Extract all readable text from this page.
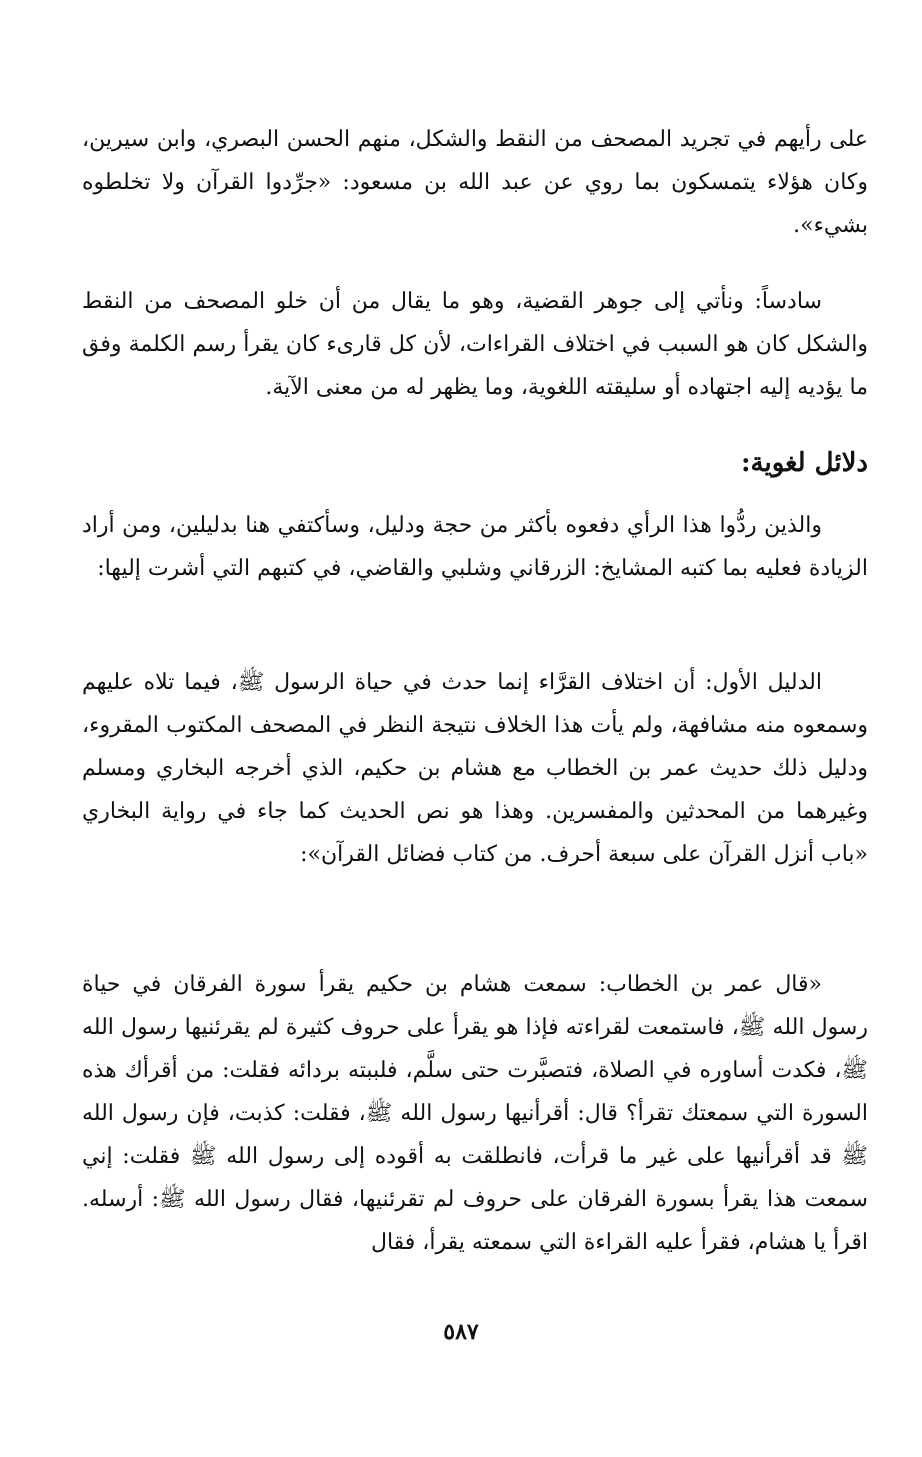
على رأيهم في تجريد المصحف من النقط والشكل، منهم الحسن البصري، وابن سيرين، وكان هؤلاء يتمسكون بما روي عن عبد الله بن مسعود: «جرِّدوا القرآن ولا تخلطوه بشيء».

سادساً: ونأتي إلى جوهر القضية، وهو ما يقال من أن خلو المصحف من النقط والشكل كان هو السبب في اختلاف القراءات، لأن كل قارىء كان يقرأ رسم الكلمة وفق ما يؤديه إليه اجتهاده أو سليقته اللغوية، وما يظهر له من معنى الآية.

دلائل لغوية:

والذين ردُّوا هذا الرأي دفعوه بأكثر من حجة ودليل، وسأكتفي هنا بدليلين، ومن أراد الزيادة فعليه بما كتبه المشايخ: الزرقاني وشلبي والقاضي، في كتبهم التي أشرت إليها:

الدليل الأول: أن اختلاف القرَّاء إنما حدث في حياة الرسول ﷺ، فيما تلاه عليهم وسمعوه منه مشافهة، ولم يأت هذا الخلاف نتيجة النظر في المصحف المكتوب المقروء، ودليل ذلك حديث عمر بن الخطاب مع هشام بن حكيم، الذي أخرجه البخاري ومسلم وغيرهما من المحدثين والمفسرين. وهذا هو نص الحديث كما جاء في رواية البخاري «باب أنزل القرآن على سبعة أحرف. من كتاب فضائل القرآن»:

«قال عمر بن الخطاب: سمعت هشام بن حكيم يقرأ سورة الفرقان في حياة رسول الله ﷺ، فاستمعت لقراءته فإذا هو يقرأ على حروف كثيرة لم يقرئنيها رسول الله ﷺ، فكدت أساوره في الصلاة، فتصبَّرت حتى سلَّم، فلببته بردائه فقلت: من أقرأك هذه السورة التي سمعتك تقرأ؟ قال: أقرأنيها رسول الله ﷺ، فقلت: كذبت، فإن رسول الله ﷺ قد أقرأنيها على غير ما قرأت، فانطلقت به أقوده إلى رسول الله ﷺ فقلت: إني سمعت هذا يقرأ بسورة الفرقان على حروف لم تقرئنيها، فقال رسول الله ﷺ: أرسله. اقرأ يا هشام، فقرأ عليه القراءة التي سمعته يقرأ، فقال

٥٨٧
